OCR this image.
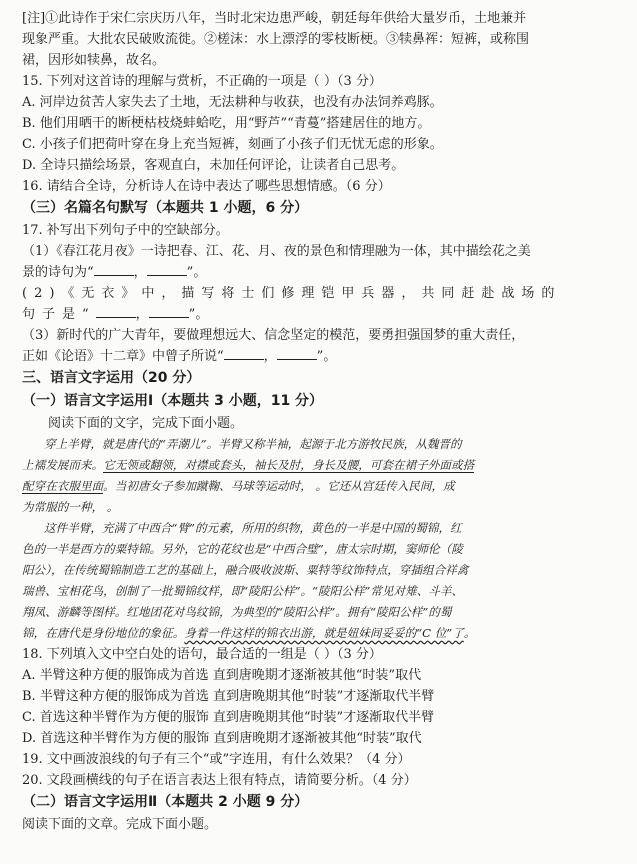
[注]①此诗作于宋仁宗庆历八年，当时北宋边患严峻，朝廷每年供给大量岁币，土地兼并
现象严重。大批农民破败流徙。②槎沫：水上漂浮的零枝断梗。③犊鼻裈：短裤，或称围
裙，因形如犊鼻，故名。
15. 下列对这首诗的理解与赏析，不正确的一项是（ ）（3 分）
A. 河岸边贫苦人家失去了土地，无法耕种与收获，也没有办法饲养鸡豚。
B. 他们用晒干的断梗枯枝烧蚌蛤吃，用“野芦”“青蔓”搭建居住的地方。
C. 小孩子们把荷叶穿在身上充当短裤，刻画了小孩子们无忧无虑的形象。
D. 全诗只描绘场景，客观直白，未加任何评论，让读者自己思考。
16. 请结合全诗，分析诗人在诗中表达了哪些思想情感。（6 分）
（三）名篇名句默写（本题共 1 小题，6 分）
17. 补写出下列句子中的空缺部分。
（1）《春江花月夜》一诗把春、江、花、月、夜的景色和情理融为一体，其中描绘花之美
景的诗句为“	，	”。
(2)《无衣》中，描写将士们修理铠甲兵器，共同赶赴战场的
句子是“	，	”。
（3）新时代的广大青年，要做理想远大、信念坚定的模范，要勇担强国梦的重大责任，
正如《论语》十二章》中曾子所说“	，	”。
三、语言文字运用（20 分）
（一）语言文字运用Ⅰ（本题共 3 小题，11 分）
阅读下面的文字，完成下面小题。
穿上半臂，就是唐代的“弄潮儿”。半臂又称半袖，起源于北方游牧民族，从魏晋的
上襦发展而来。它无领或翻领，对襟或套头，袖长及肘，身长及腰，可套在裙子外面或搭
配穿在衣服里面。当初唐女子参加蹴鞠、马球等运动时， 。它还从宫廷传入民间，成
为常服的一种， 。
这件半臂，充满了中西合“臂”的元素，所用的织物，黄色的一半是中国的蜀锦，红
色的一半是西方的粟特锦。另外，它的花纹也是“中西合璧”，唐太宗时期，窦师伦（陵
阳公），在传统蜀锦制造工艺的基础上，融合吸收波斯、粟特等纹饰特点，穿插组合祥禽
瑞兽、宝相花鸟，创制了一批蜀锦纹样，即“陵阳公样”。“陵阳公样”常见对雉、斗羊、
翔凤、游麟等图样。红地团花对鸟纹锦，为典型的“陵阳公样”。拥有“陵阳公样”的蜀
锦，在唐代是身份地位的象征。身着一件这样的锦衣出游，就是妞妹间妥妥的“C 位”了。
18. 下列填入文中空白处的语句，最合适的一组是（ ）（3 分）
A. 半臂这种方便的服饰成为首选 直到唐晚期才逐渐被其他“时装”取代
B. 半臂这种方便的服饰成为首选 直到唐晚期其他“时装”才逐渐取代半臂
C. 首选这种半臂作为方便的服饰 直到唐晚期其他“时装”才逐渐取代半臂
D. 首选这种半臂作为方便的服饰 直到唐晚期才逐渐被其他“时装”取代
19. 文中画波浪线的句子有三个“或”字连用，有什么效果？（4 分）
20. 文段画横线的句子在语言表达上很有特点，请简要分析。（4 分）
（二）语言文字运用Ⅱ（本题共 2 小题 9 分）
阅读下面的文章。完成下面小题。
